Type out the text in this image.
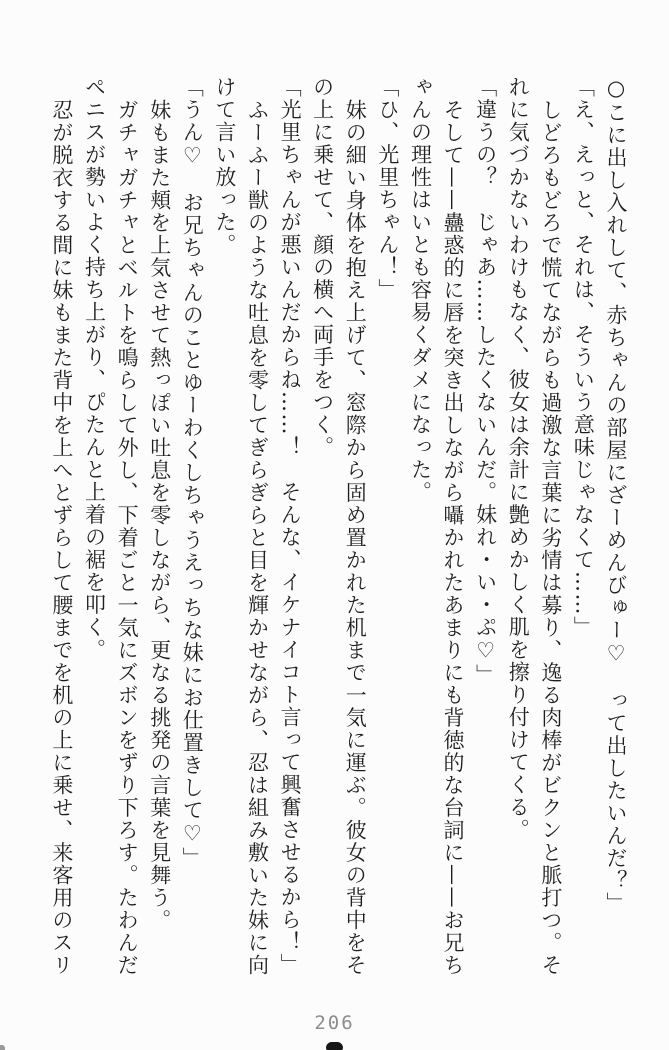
○こに出し入れして、赤ちゃんの部屋にざーめんびゅー♡　って出したいんだ？」

「え、えっと、それは、そういう意味じゃなくて……」

しどろもどろで慌てながらも過激な言葉に劣情は募り、逸る肉棒がビクンと脈打つ。そ

れに気づかないわけもなく、彼女は余計に艶めかしく肌を擦り付けてくる。

「違うの？　じゃあ……したくないんだ。妹れ・い・ぷ♡」

そして——蠱惑的に唇を突き出しながら囁かれたあまりにも背徳的な台詞に——お兄ち

ゃんの理性はいとも容易くダメになった。

「ひ、光里ちゃん！」

妹の細い身体を抱え上げて、窓際から固め置かれた机まで一気に運ぶ。彼女の背中をそ

の上に乗せて、顔の横へ両手をつく。

「光里ちゃんが悪いんだからね……！　そんな、イケナイコト言って興奮させるから！」

ふーふー獣のような吐息を零してぎらぎらと目を輝かせながら、忍は組み敷いた妹に向

けて言い放った。

「うん♡　お兄ちゃんのことゆーわくしちゃうえっちな妹にお仕置きして♡」

妹もまた頬を上気させて熱っぽい吐息を零しながら、更なる挑発の言葉を見舞う。

ガチャガチャとベルトを鳴らして外し、下着ごと一気にズボンをずり下ろす。たわんだ

ペニスが勢いよく持ち上がり、ぴたんと上着の裾を叩く。

忍が脱衣する間に妹もまた背中を上へとずらして腰までを机の上に乗せ、来客用のスリ

206
